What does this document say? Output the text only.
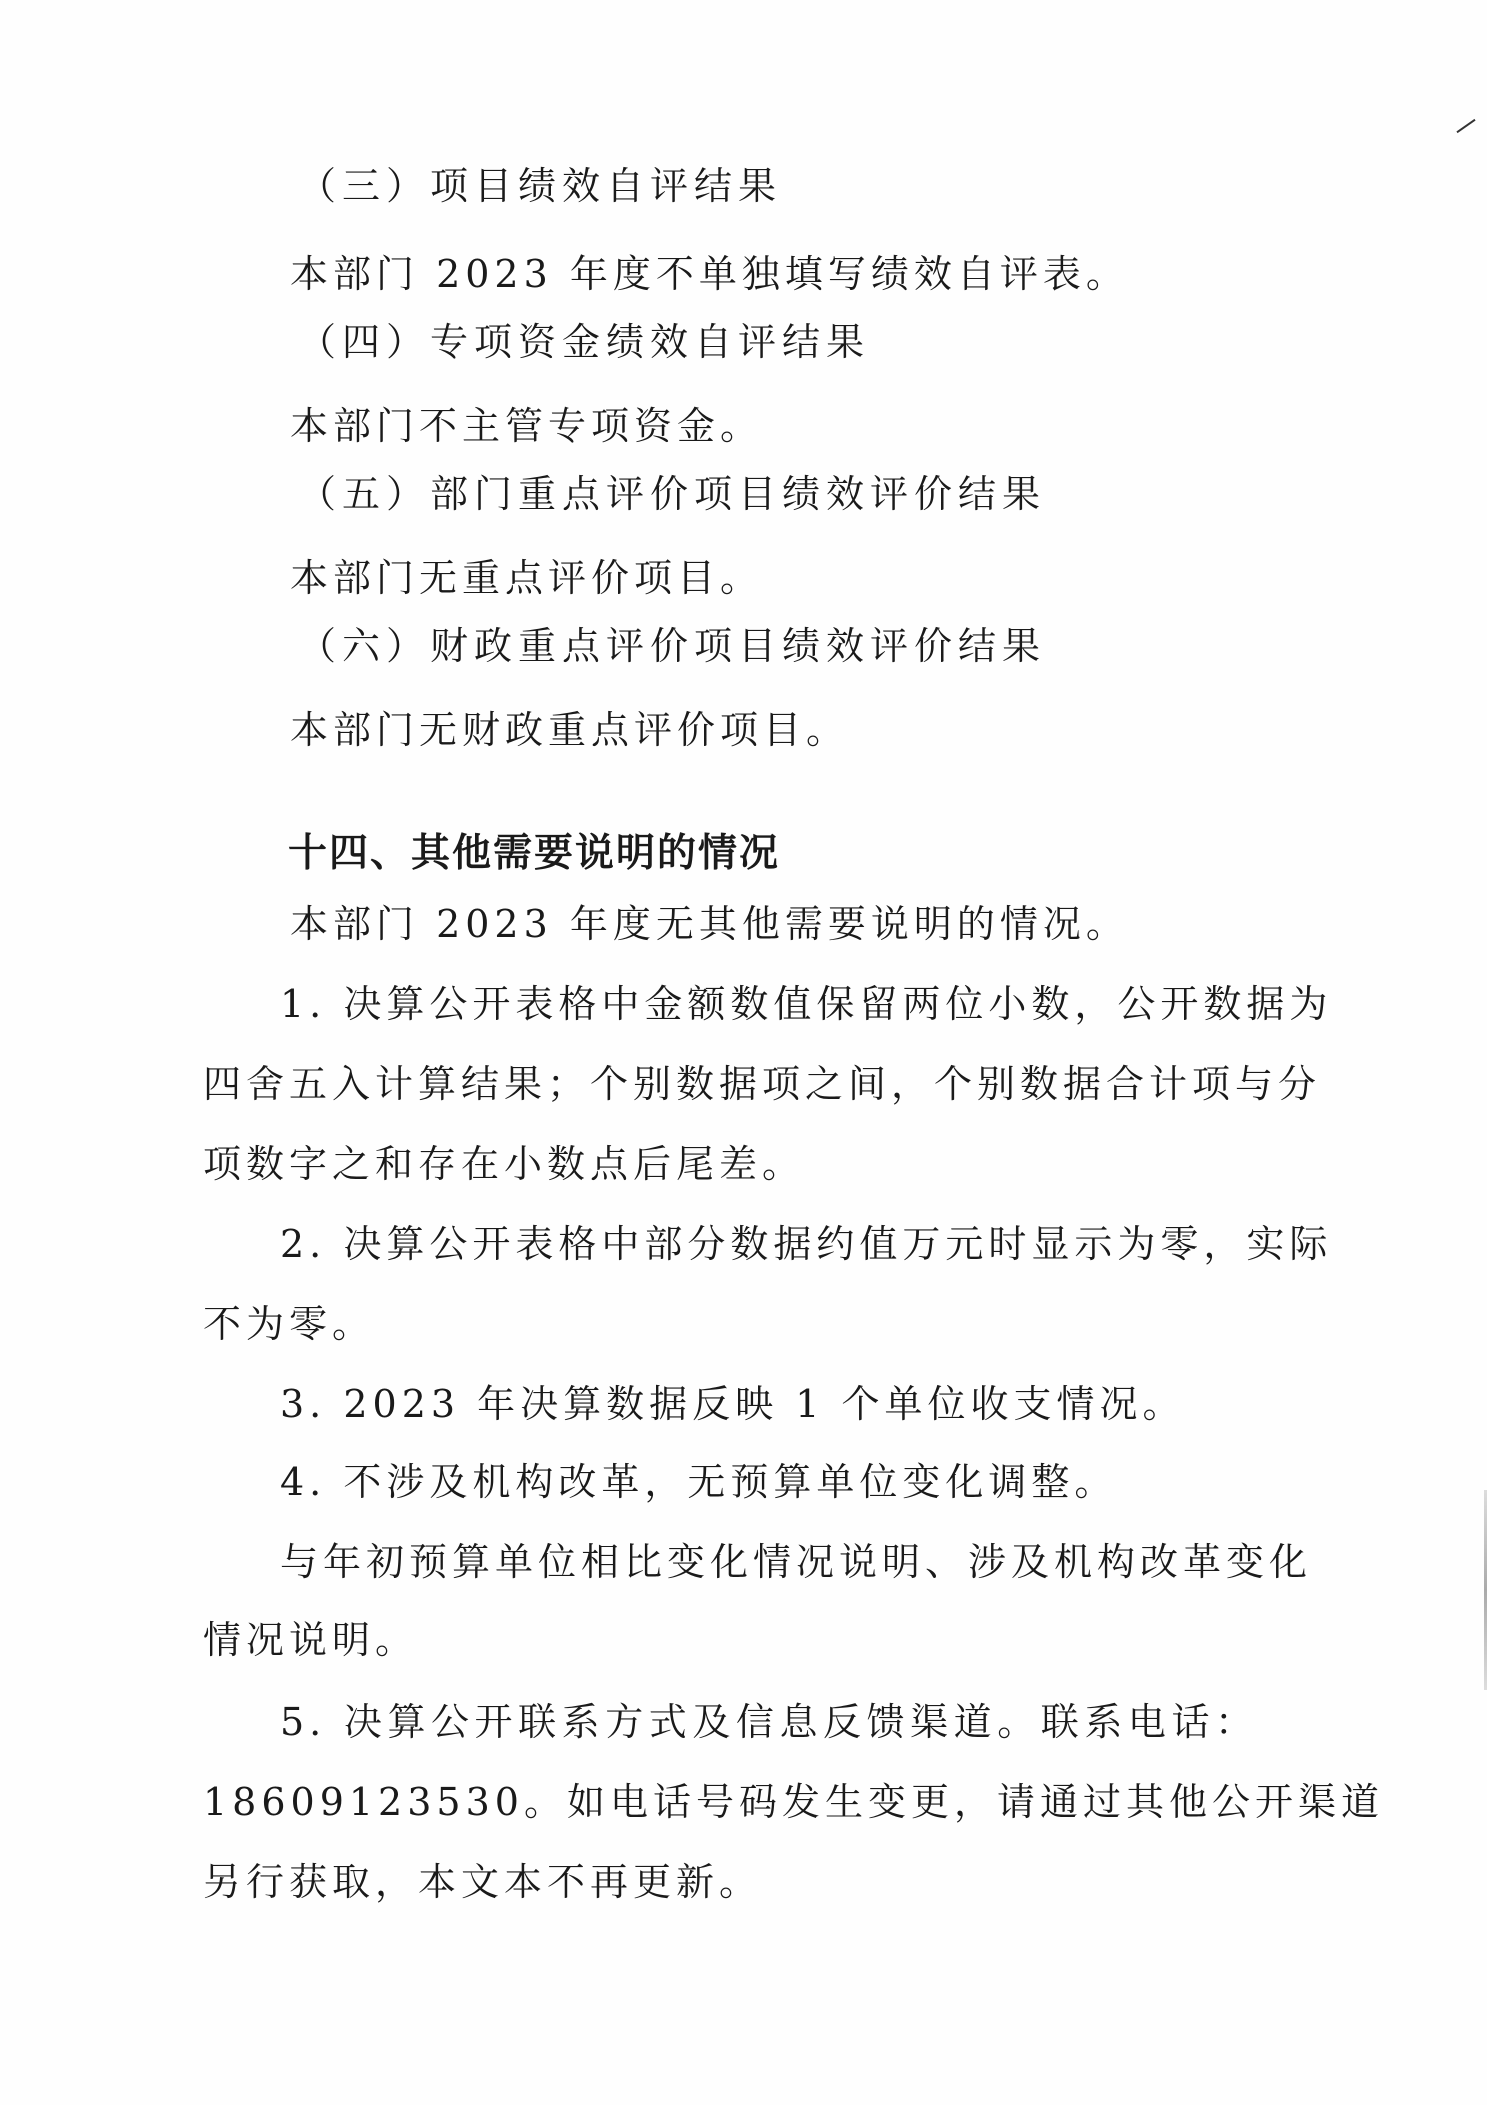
（三）项目绩效自评结果
本部门 2023 年度不单独填写绩效自评表。
（四）专项资金绩效自评结果
本部门不主管专项资金。
（五）部门重点评价项目绩效评价结果
本部门无重点评价项目。
（六）财政重点评价项目绩效评价结果
本部门无财政重点评价项目。
十四、其他需要说明的情况
本部门 2023 年度无其他需要说明的情况。
1. 决算公开表格中金额数值保留两位小数，公开数据为
四舍五入计算结果；个别数据项之间，个别数据合计项与分
项数字之和存在小数点后尾差。
2. 决算公开表格中部分数据约值万元时显示为零，实际
不为零。
3. 2023 年决算数据反映 1 个单位收支情况。
4. 不涉及机构改革，无预算单位变化调整。
与年初预算单位相比变化情况说明、涉及机构改革变化
情况说明。
5. 决算公开联系方式及信息反馈渠道。联系电话：
18609123530。如电话号码发生变更，请通过其他公开渠道
另行获取，本文本不再更新。
